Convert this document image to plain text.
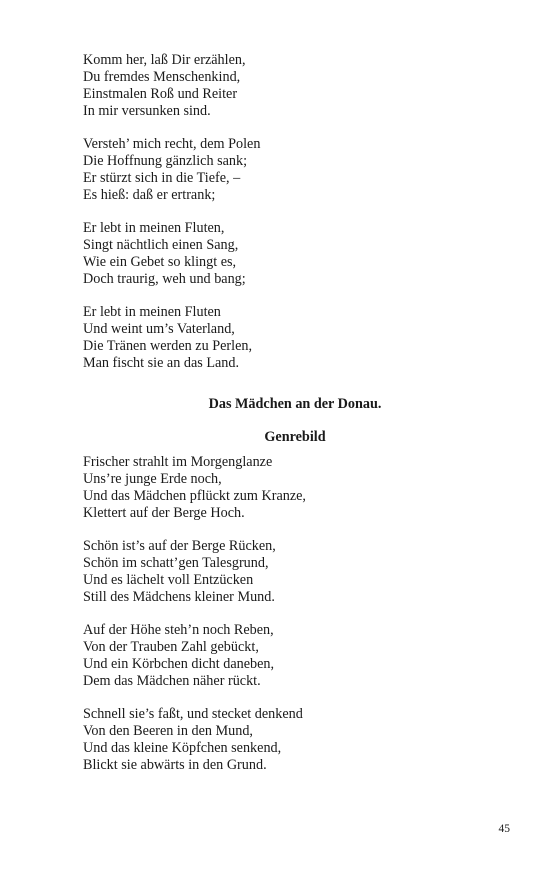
Komm her, laß Dir erzählen,
Du fremdes Menschenkind,
Einstmalen Roß und Reiter
In mir versunken sind.
Versteh’ mich recht, dem Polen
Die Hoffnung gänzlich sank;
Er stürzt sich in die Tiefe, –
Es hieß: daß er ertrank;
Er lebt in meinen Fluten,
Singt nächtlich einen Sang,
Wie ein Gebet so klingt es,
Doch traurig, weh und bang;
Er lebt in meinen Fluten
Und weint um’s Vaterland,
Die Tränen werden zu Perlen,
Man fischt sie an das Land.
Das Mädchen an der Donau.
Genrebild
Frischer strahlt im Morgenglanze
Uns’re junge Erde noch,
Und das Mädchen pflückt zum Kranze,
Klettert auf der Berge Hoch.
Schön ist’s auf der Berge Rücken,
Schön im schatt’gen Talesgrund,
Und es lächelt voll Entzücken
Still des Mädchens kleiner Mund.
Auf der Höhe steh’n noch Reben,
Von der Trauben Zahl gebückt,
Und ein Körbchen dicht daneben,
Dem das Mädchen näher rückt.
Schnell sie’s faßt, und stecket denkend
Von den Beeren in den Mund,
Und das kleine Köpfchen senkend,
Blickt sie abwärts in den Grund.
45
